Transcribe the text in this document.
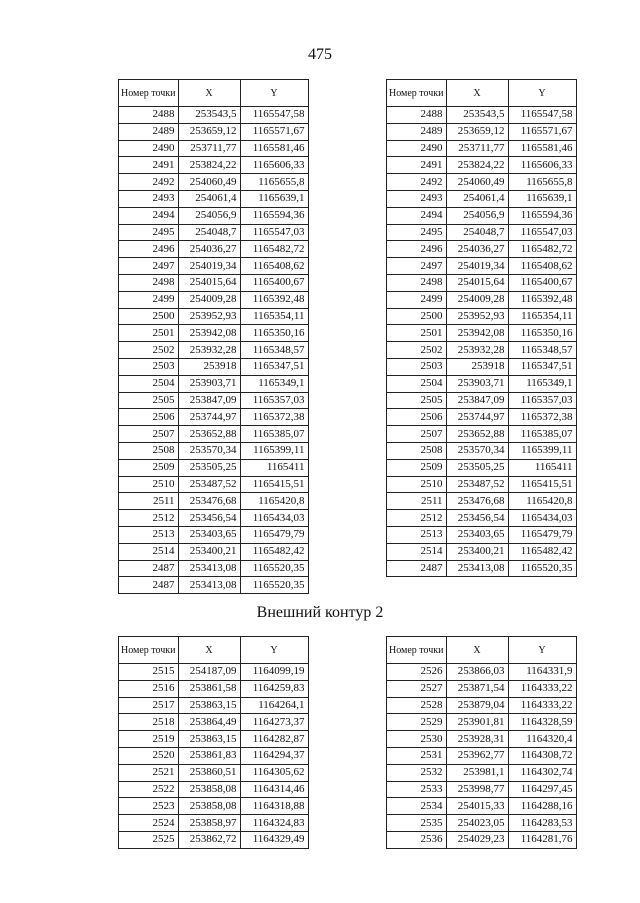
475
Номер точки	X	Y
2488	253543,5	1165547,58
2489	253659,12	1165571,67
2490	253711,77	1165581,46
2491	253824,22	1165606,33
2492	254060,49	1165655,8
2493	254061,4	1165639,1
2494	254056,9	1165594,36
2495	254048,7	1165547,03
2496	254036,27	1165482,72
2497	254019,34	1165408,62
2498	254015,64	1165400,67
2499	254009,28	1165392,48
2500	253952,93	1165354,11
2501	253942,08	1165350,16
2502	253932,28	1165348,57
2503	253918	1165347,51
2504	253903,71	1165349,1
2505	253847,09	1165357,03
2506	253744,97	1165372,38
2507	253652,88	1165385,07
2508	253570,34	1165399,11
2509	253505,25	1165411
2510	253487,52	1165415,51
2511	253476,68	1165420,8
2512	253456,54	1165434,03
2513	253403,65	1165479,79
2514	253400,21	1165482,42
2487	253413,08	1165520,35
2487	253413,08	1165520,35
Номер точки	X	Y
2488	253543,5	1165547,58
2489	253659,12	1165571,67
2490	253711,77	1165581,46
2491	253824,22	1165606,33
2492	254060,49	1165655,8
2493	254061,4	1165639,1
2494	254056,9	1165594,36
2495	254048,7	1165547,03
2496	254036,27	1165482,72
2497	254019,34	1165408,62
2498	254015,64	1165400,67
2499	254009,28	1165392,48
2500	253952,93	1165354,11
2501	253942,08	1165350,16
2502	253932,28	1165348,57
2503	253918	1165347,51
2504	253903,71	1165349,1
2505	253847,09	1165357,03
2506	253744,97	1165372,38
2507	253652,88	1165385,07
2508	253570,34	1165399,11
2509	253505,25	1165411
2510	253487,52	1165415,51
2511	253476,68	1165420,8
2512	253456,54	1165434,03
2513	253403,65	1165479,79
2514	253400,21	1165482,42
2487	253413,08	1165520,35
Внешний контур 2
Номер точки	X	Y
2515	254187,09	1164099,19
2516	253861,58	1164259,83
2517	253863,15	1164264,1
2518	253864,49	1164273,37
2519	253863,15	1164282,87
2520	253861,83	1164294,37
2521	253860,51	1164305,62
2522	253858,08	1164314,46
2523	253858,08	1164318,88
2524	253858,97	1164324,83
2525	253862,72	1164329,49
Номер точки	X	Y
2526	253866,03	1164331,9
2527	253871,54	1164333,22
2528	253879,04	1164333,22
2529	253901,81	1164328,59
2530	253928,31	1164320,4
2531	253962,77	1164308,72
2532	253981,1	1164302,74
2533	253998,77	1164297,45
2534	254015,33	1164288,16
2535	254023,05	1164283,53
2536	254029,23	1164281,76
